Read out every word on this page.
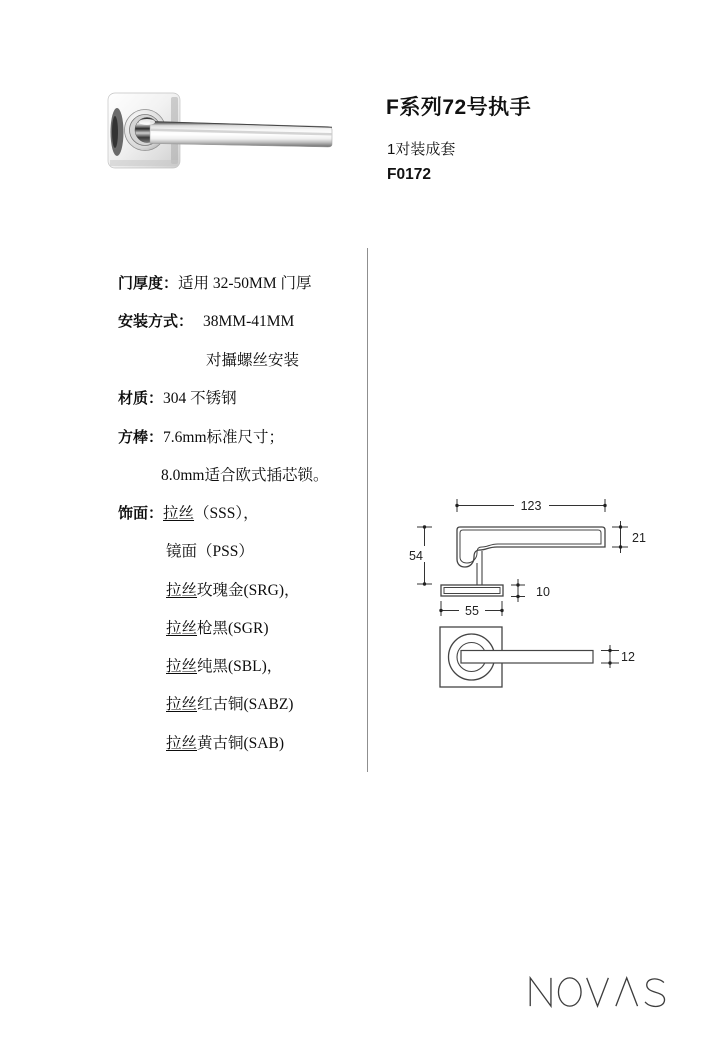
F系列72号执手
1对装成套
F0172
门厚度：适用 32-50MM 门厚
安装方式： 38MM-41MM
对攝螺丝安装
材质：304 不锈钢
方棒：7.6mm标准尺寸；
8.0mm适合欧式插芯锁。
饰面：拉丝（SSS），
镜面（PSS）
拉丝玫瑰金(SRG)，
拉丝枪黑(SGR)
拉丝纯黑(SBL)，
拉丝红古铜(SABZ)
拉丝黄古铜(SAB)
123
54
21
10
55
12
